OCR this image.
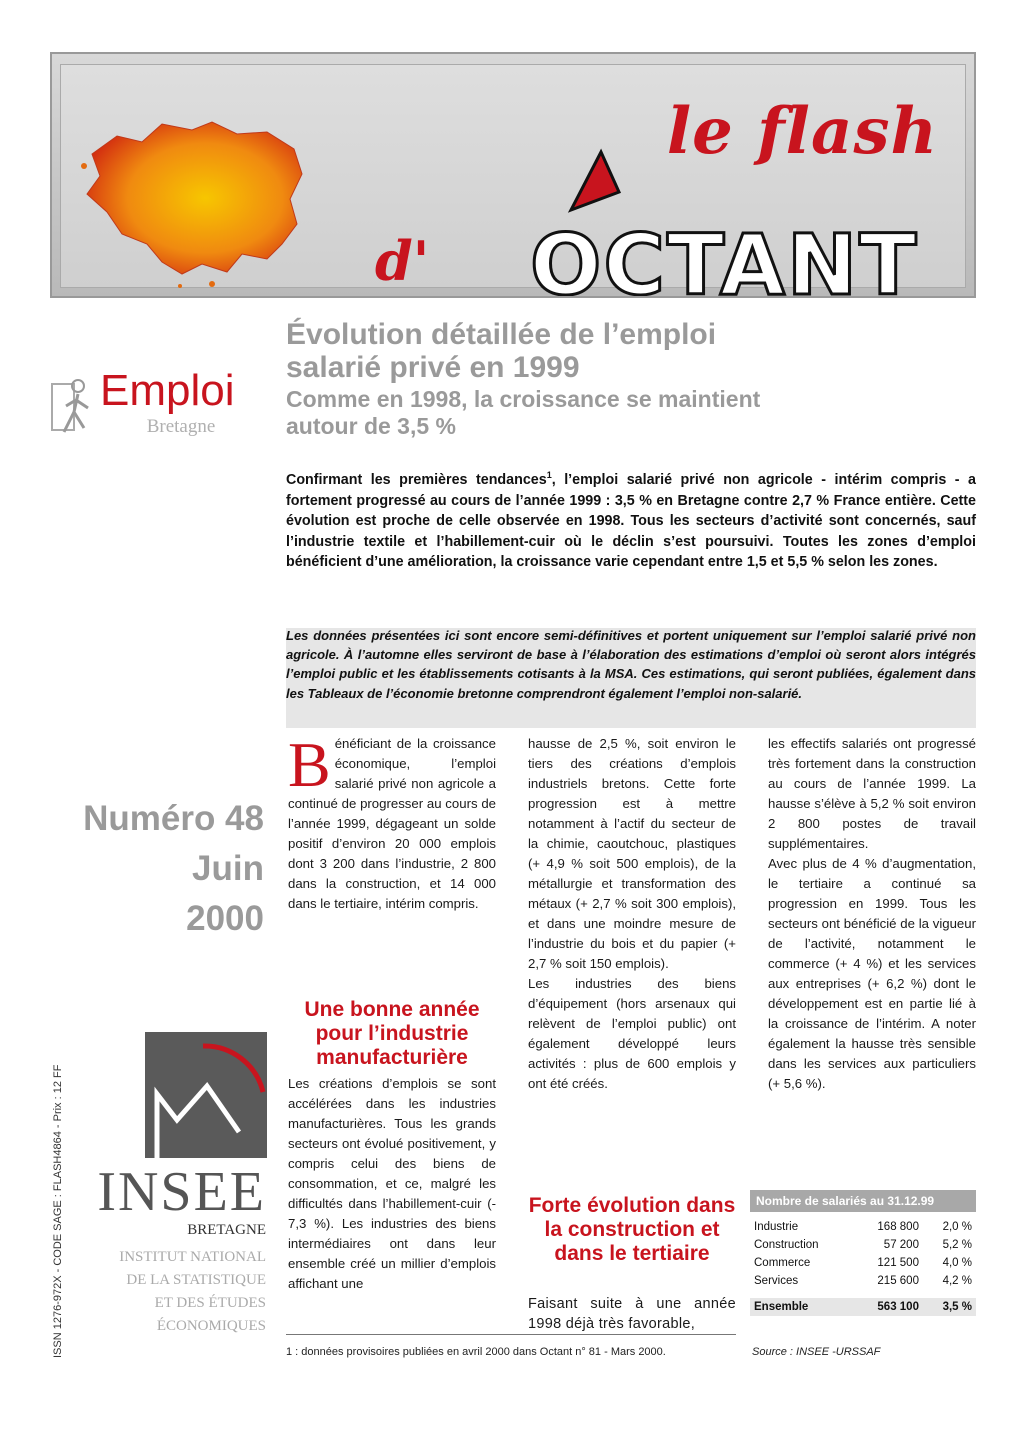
le flash
d' OCTANT
Emploi
Bretagne
Évolution détaillée de l’emploi
salarié privé en 1999
Comme en 1998, la croissance se maintient
autour de 3,5 %
Confirmant les premières tendances$^1$, l’emploi salarié privé non agricole - intérim compris - a fortement progressé au cours de l’année 1999 : 3,5 % en Bretagne contre 2,7 % France entière. Cette évolution est proche de celle observée en 1998. Tous les secteurs d’activité sont concernés, sauf l’industrie textile et l’habillement-cuir où le déclin s’est poursuivi. Toutes les zones d’emploi bénéficient d’une amélioration, la croissance varie cependant entre 1,5 et 5,5 % selon les zones.
Les données présentées ici sont encore semi-définitives et portent uniquement sur l’emploi salarié privé non agricole. À l’automne elles serviront de base à l’élaboration des estimations d’emploi où seront alors intégrés l’emploi public et les établissements cotisants à la MSA. Ces estimations, qui seront publiées, également dans les Tableaux de l’économie bretonne comprendront également l’emploi non-salarié.
Numéro 48
Juin
2000
ISSN 1276-972X - CODE SAGE : FLASH4864 - Prix : 12 FF INSEE
BRETAGNE
INSTITUT NATIONAL
DE LA STATISTIQUE
ET DES ÉTUDES
ÉCONOMIQUES
B énéficiant de la croissance économique, l’emploi salarié privé non agricole a continué de progresser au cours de l’année 1999, dégageant un solde positif d’environ 20 000 emplois dont 3 200 dans l’industrie, 2 800 dans la construction, et 14 000 dans le tertiaire, intérim compris.

Une bonne année pour l’industrie manufacturière
Les créations d’emplois se sont accélérées dans les industries manufacturières. Tous les grands secteurs ont évolué positivement, y compris celui des biens de consommation, et ce, malgré les difficultés dans l’habillement-cuir (- 7,3 %). Les industries des biens intermédiaires ont dans leur ensemble créé un millier d’emplois affichant une

hausse de 2,5 %, soit environ le tiers des créations d’emplois industriels bretons. Cette forte progression est à mettre notamment à l’actif du secteur de la chimie, caoutchouc, plastiques (+ 4,9 % soit 500 emplois), de la métallurgie et transformation des métaux (+ 2,7 % soit 300 emplois), et dans une moindre mesure de l’industrie du bois et du papier (+ 2,7 % soit 150 emplois).

Les industries des biens d’équipement (hors arsenaux qui relèvent de l’emploi public) ont également développé leurs activités : plus de 600 emplois y ont été créés.

Forte évolution dans la construction et dans le tertiaire
Faisant suite à une année 1998 déjà très favorable,

les effectifs salariés ont progressé très fortement dans la construction au cours de l’année 1999. La hausse s’élève à 5,2 % soit environ 2 800 postes de travail supplémentaires.

Avec plus de 4 % d’augmentation, le tertiaire a continué sa progression en 1999. Tous les secteurs ont bénéficié de la vigueur de l’activité, notamment le commerce (+ 4 %) et les services aux entreprises (+ 6,2 %) dont le développement est en partie lié à la croissance de l’intérim. A noter également la hausse très sensible dans les services aux particuliers (+ 5,6 %).

Nombre de salariés au 31.12.99
Industrie	168 800	2,0 %
Construction	57 200	5,2 %
Commerce	121 500	4,0 %
Services	215 600	4,2 %
Ensemble	563 100	3,5 %
Source : INSEE -URSSAF
1 : données provisoires publiées en avril 2000 dans Octant n° 81 - Mars 2000.
